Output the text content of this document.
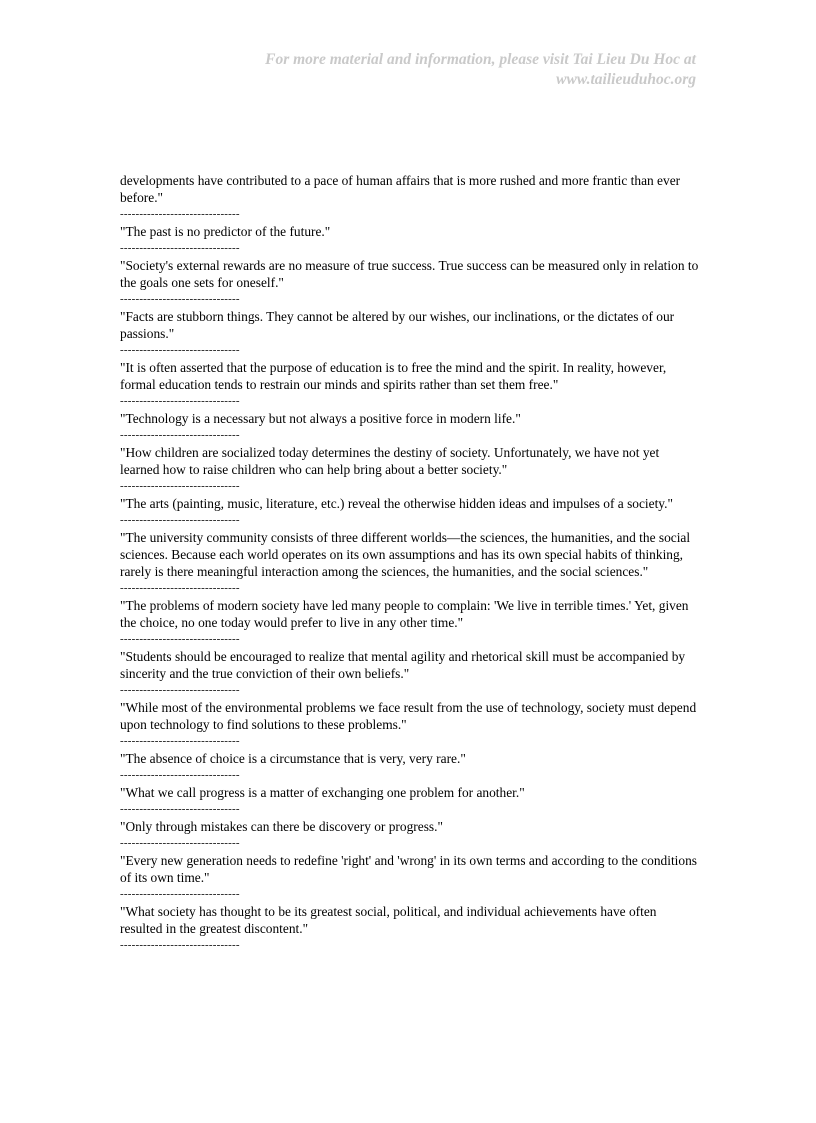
For more material and information, please visit Tai Lieu Du Hoc at
www.tailieuduhoc.org
developments have contributed to a pace of human affairs that is more rushed and more frantic than ever before."
-------------------------------
"The past is no predictor of the future."
-------------------------------
"Society's external rewards are no measure of true success. True success can be measured only in relation to the goals one sets for oneself."
-------------------------------
"Facts are stubborn things. They cannot be altered by our wishes, our inclinations, or the dictates of our passions."
-------------------------------
"It is often asserted that the purpose of education is to free the mind and the spirit. In reality, however, formal education tends to restrain our minds and spirits rather than set them free."
-------------------------------
"Technology is a necessary but not always a positive force in modern life."
-------------------------------
"How children are socialized today determines the destiny of society. Unfortunately, we have not yet learned how to raise children who can help bring about a better society."
-------------------------------
"The arts (painting, music, literature, etc.) reveal the otherwise hidden ideas and impulses of a society."
-------------------------------
"The university community consists of three different worlds—the sciences, the humanities, and the social sciences. Because each world operates on its own assumptions and has its own special habits of thinking, rarely is there meaningful interaction among the sciences, the humanities, and the social sciences."
-------------------------------
"The problems of modern society have led many people to complain: 'We live in terrible times.' Yet, given the choice, no one today would prefer to live in any other time."
-------------------------------
"Students should be encouraged to realize that mental agility and rhetorical skill must be accompanied by sincerity and the true conviction of their own beliefs."
-------------------------------
"While most of the environmental problems we face result from the use of technology, society must depend upon technology to find solutions to these problems."
-------------------------------
"The absence of choice is a circumstance that is very, very rare."
-------------------------------
"What we call progress is a matter of exchanging one problem for another."
-------------------------------
"Only through mistakes can there be discovery or progress."
-------------------------------
"Every new generation needs to redefine 'right' and 'wrong' in its own terms and according to the conditions of its own time."
-------------------------------
"What society has thought to be its greatest social, political, and individual achievements have often resulted in the greatest discontent."
-------------------------------
